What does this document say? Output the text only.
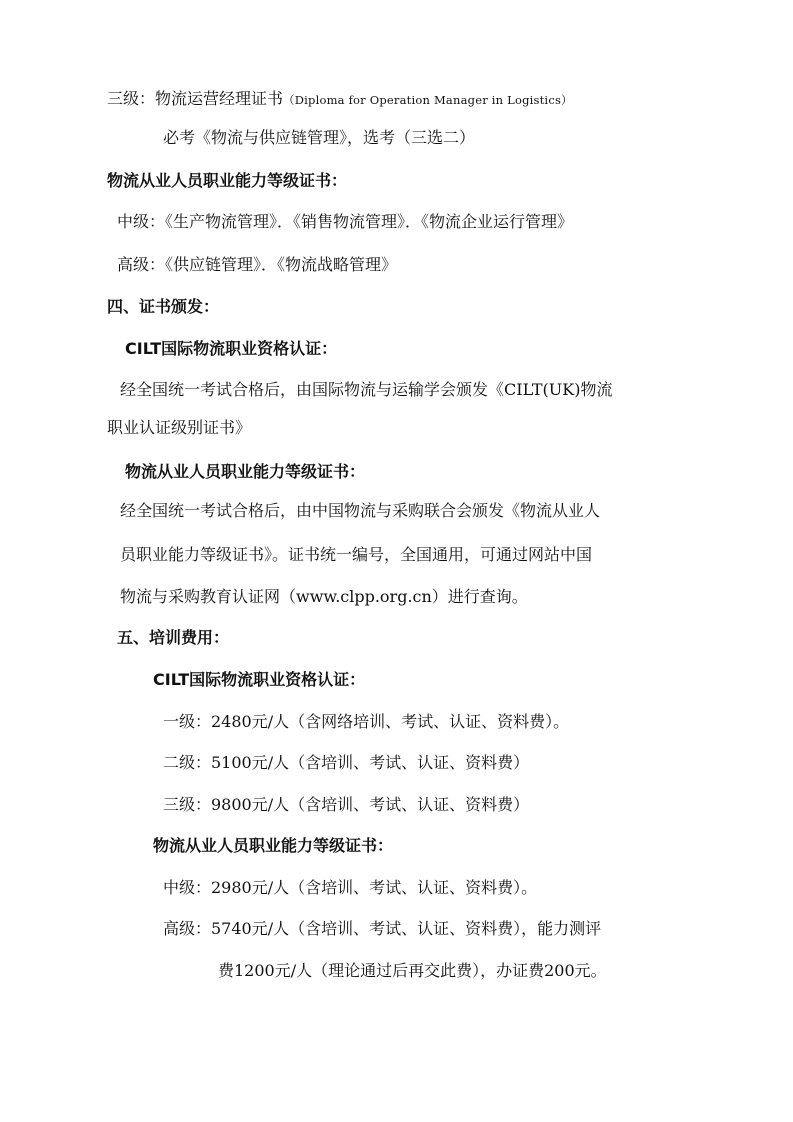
三级：物流运营经理证书（Diploma for Operation Manager in Logistics）
必考《物流与供应链管理》，选考（三选二）
物流从业人员职业能力等级证书：
中级：《生产物流管理》．《销售物流管理》．《物流企业运行管理》
高级：《供应链管理》．《物流战略管理》
四、证书颁发：
CILT国际物流职业资格认证：
经全国统一考试合格后，由国际物流与运输学会颁发《CILT(UK)物流
职业认证级别证书》
物流从业人员职业能力等级证书：
经全国统一考试合格后，由中国物流与采购联合会颁发《物流从业人
员职业能力等级证书》。证书统一编号，全国通用，可通过网站中国
物流与采购教育认证网（www.clpp.org.cn）进行查询。
五、培训费用：
CILT国际物流职业资格认证：
一级：2480元/人（含网络培训、考试、认证、资料费）。
二级：5100元/人（含培训、考试、认证、资料费）
三级：9800元/人（含培训、考试、认证、资料费）
物流从业人员职业能力等级证书：
中级：2980元/人（含培训、考试、认证、资料费）。
高级：5740元/人（含培训、考试、认证、资料费），能力测评
费1200元/人（理论通过后再交此费），办证费200元。
